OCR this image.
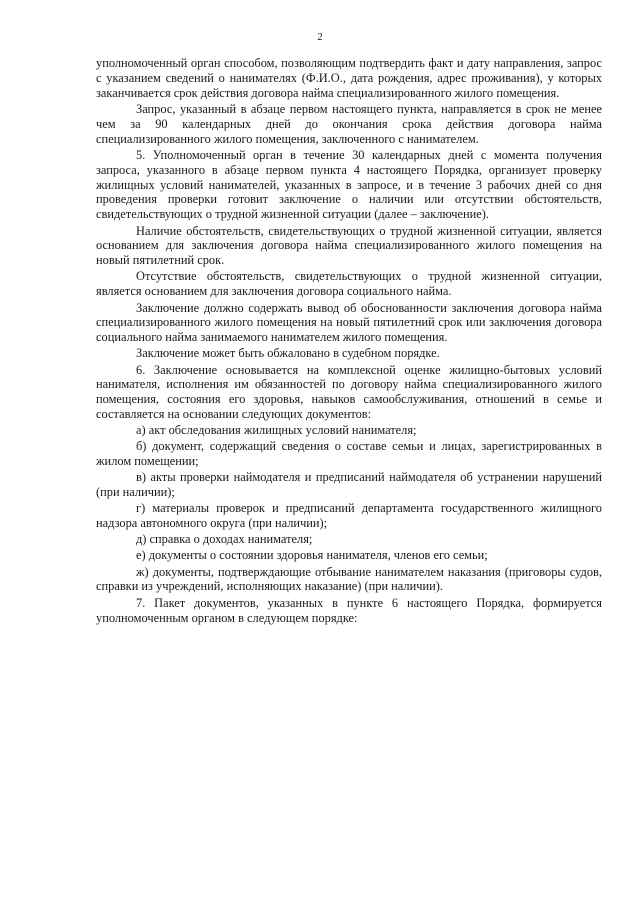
2

уполномоченный орган способом, позволяющим подтвердить факт и дату направления, запрос с указанием сведений о нанимателях (Ф.И.О., дата рождения, адрес проживания), у которых заканчивается срок действия договора найма специализированного жилого помещения.

Запрос, указанный в абзаце первом настоящего пункта, направляется в срок не менее чем за 90 календарных дней до окончания срока действия договора найма специализированного жилого помещения, заключенного с нанимателем.

5. Уполномоченный орган в течение 30 календарных дней с момента получения запроса, указанного в абзаце первом пункта 4 настоящего Порядка, организует проверку жилищных условий нанимателей, указанных в запросе, и в течение 3 рабочих дней со дня проведения проверки готовит заключение о наличии или отсутствии обстоятельств, свидетельствующих о трудной жизненной ситуации (далее – заключение).

Наличие обстоятельств, свидетельствующих о трудной жизненной ситуации, является основанием для заключения договора найма специализированного жилого помещения на новый пятилетний срок.

Отсутствие обстоятельств, свидетельствующих о трудной жизненной ситуации, является основанием для заключения договора социального найма.

Заключение должно содержать вывод об обоснованности заключения договора найма специализированного жилого помещения на новый пятилетний срок или заключения договора социального найма занимаемого нанимателем жилого помещения.

Заключение может быть обжаловано в судебном порядке.

6. Заключение основывается на комплексной оценке жилищно-бытовых условий нанимателя, исполнения им обязанностей по договору найма специализированного жилого помещения, состояния его здоровья, навыков самообслуживания, отношений в семье и составляется на основании следующих документов:

а) акт обследования жилищных условий нанимателя;

б) документ, содержащий сведения о составе семьи и лицах, зарегистрированных в жилом помещении;

в) акты проверки наймодателя и предписаний наймодателя об устранении нарушений (при наличии);

г) материалы проверок и предписаний департамента государственного жилищного надзора автономного округа (при наличии);

д) справка о доходах нанимателя;

е) документы о состоянии здоровья нанимателя, членов его семьи;

ж) документы, подтверждающие отбывание нанимателем наказания (приговоры судов, справки из учреждений, исполняющих наказание) (при наличии).

7. Пакет документов, указанных в пункте 6 настоящего Порядка, формируется уполномоченным органом в следующем порядке:
